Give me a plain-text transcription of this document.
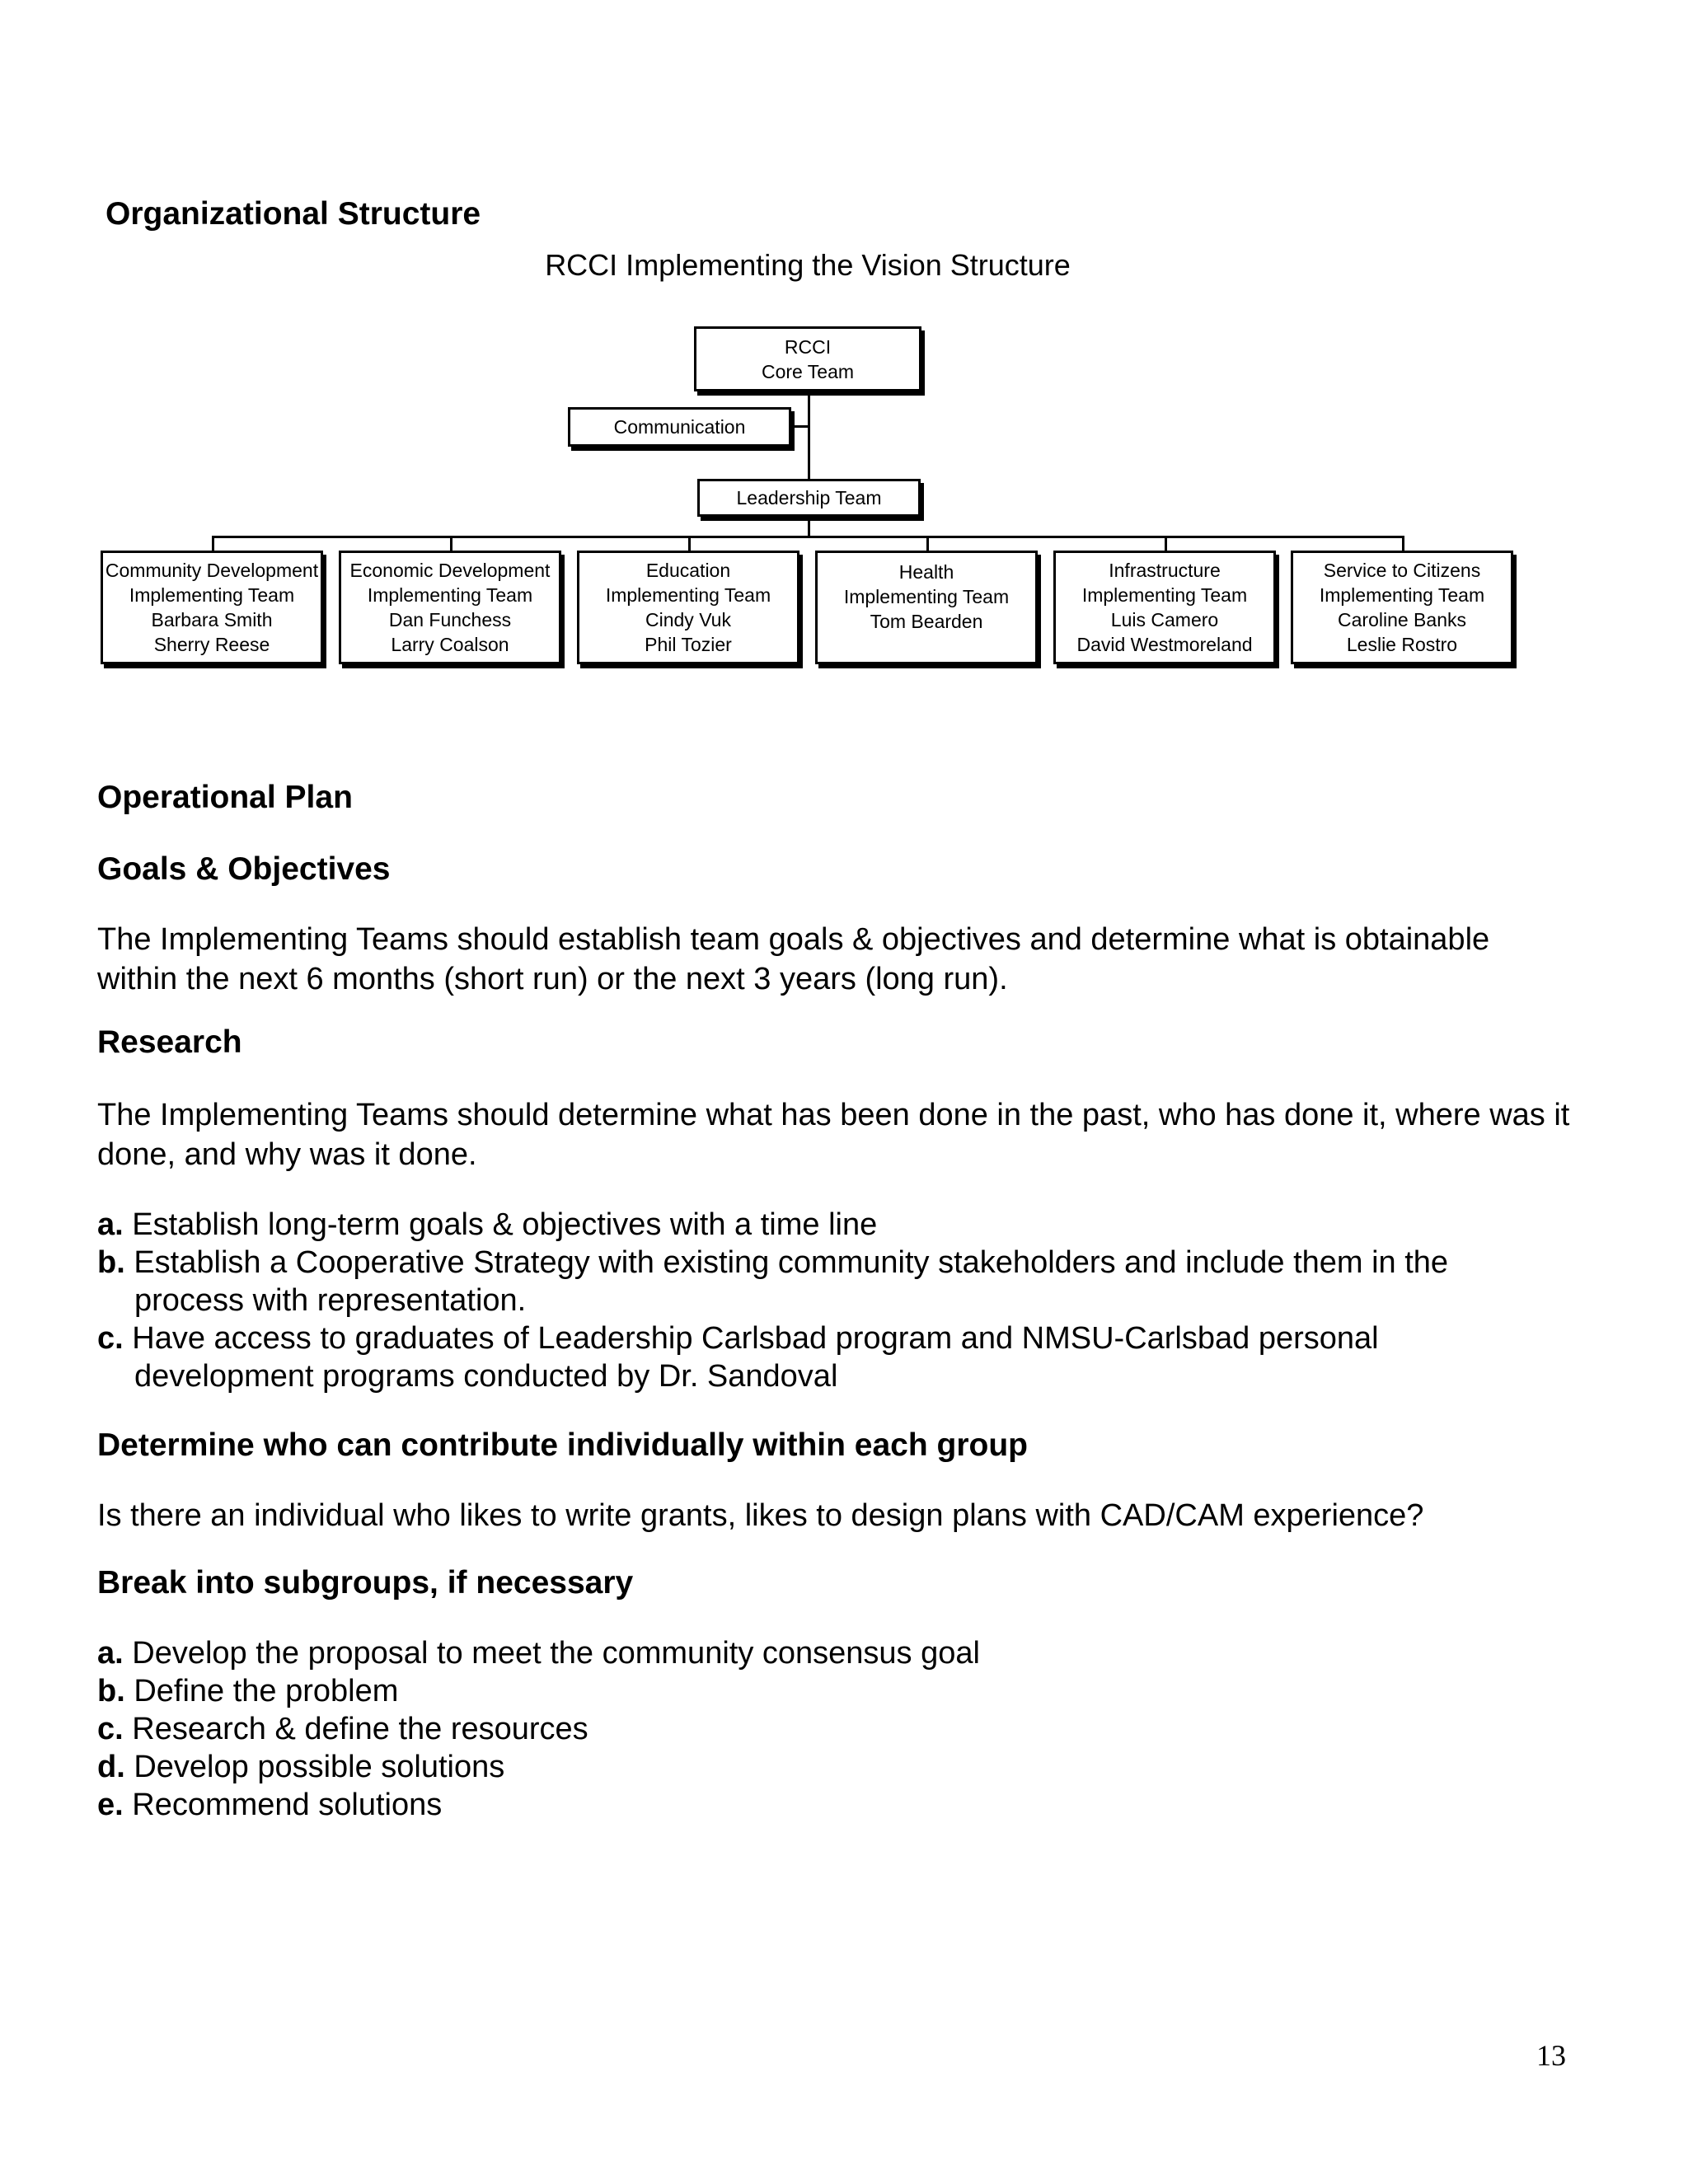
Organizational Structure
RCCI Implementing the Vision Structure
RCCI
Core Team
Communication
Leadership Team
Community Development
Implementing Team
Barbara Smith
Sherry Reese
Economic Development
Implementing Team
Dan Funchess
Larry Coalson
Education
Implementing Team
Cindy Vuk
Phil Tozier
Health
Implementing Team
Tom Bearden
Infrastructure
Implementing Team
Luis Camero
David Westmoreland
Service to Citizens
Implementing Team
Caroline Banks
Leslie Rostro
Operational Plan
Goals & Objectives

The Implementing Teams should establish team goals & objectives and determine what is obtainable within the next 6 months (short run) or the next 3 years (long run).

Research

The Implementing Teams should determine what has been done in the past, who has done it, where was it done, and why was it done.

a. Establish long-term goals & objectives with a time line
b. Establish a Cooperative Strategy with existing community stakeholders and include them in the
process with representation.
c. Have access to graduates of Leadership Carlsbad program and NMSU-Carlsbad personal
development programs conducted by Dr. Sandoval
Determine who can contribute individually within each group

Is there an individual who likes to write grants, likes to design plans with CAD/CAM experience?

Break into subgroups, if necessary
a. Develop the proposal to meet the community consensus goal
b. Define the problem
c. Research & define the resources
d. Develop possible solutions
e. Recommend solutions
13
